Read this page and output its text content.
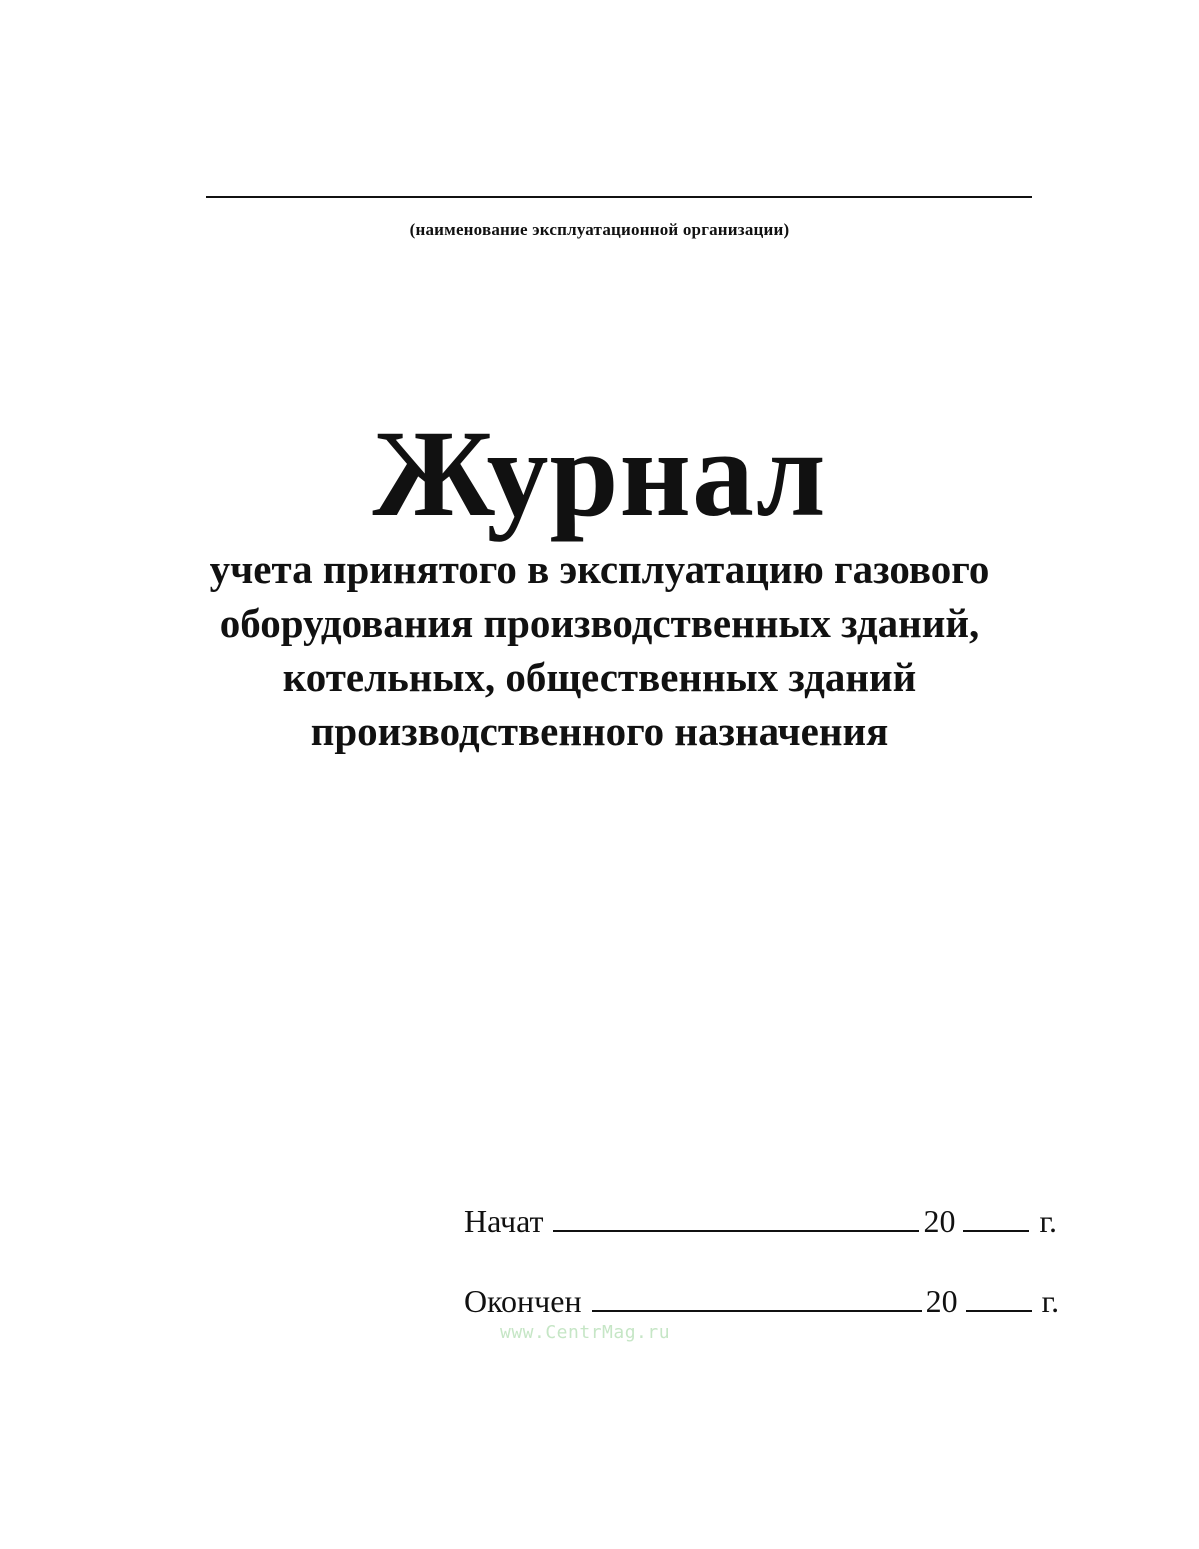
(наименование эксплуатационной организации)
Журнал
учета принятого в эксплуатацию газового
оборудования производственных зданий,
котельных, общественных зданий
производственного назначения
Начат	20	г.
Окончен	20	г.
www.CentrMag.ru
